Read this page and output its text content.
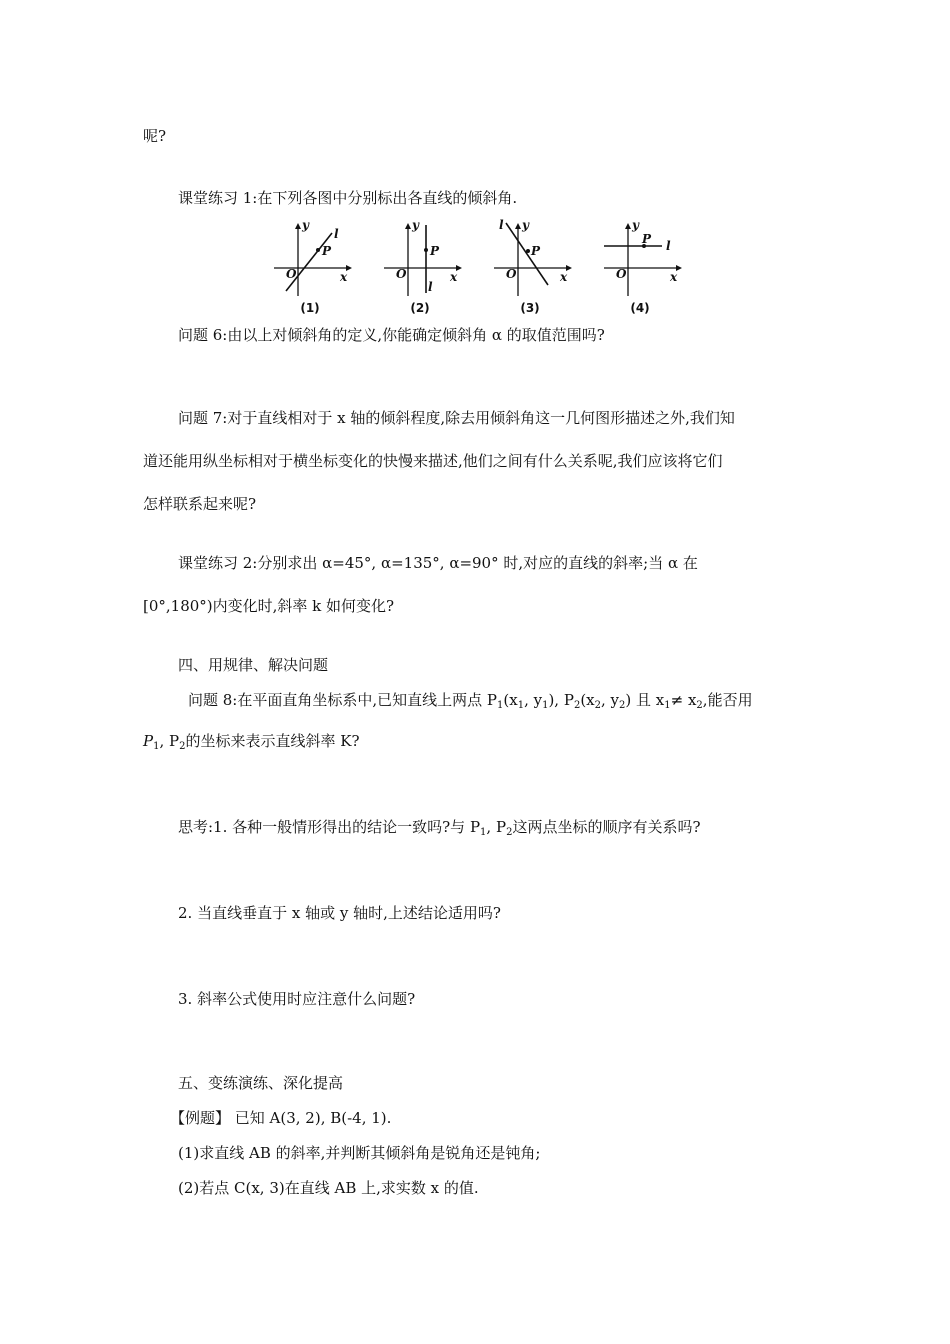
呢?
课堂练习 1:在下列各图中分别标出各直线的倾斜角.
y
x
O
P
l
(1)
y
x
O
P
l
(2)
y
x
O
P
l
(3)
y
x
O
P l
(4)
问题 6:由以上对倾斜角的定义,你能确定倾斜角 α 的取值范围吗?
问题 7:对于直线相对于 x 轴的倾斜程度,除去用倾斜角这一几何图形描述之外,我们知
道还能用纵坐标相对于横坐标变化的快慢来描述,他们之间有什么关系呢,我们应该将它们
怎样联系起来呢?
课堂练习 2:分别求出 α=45°, α=135°, α=90° 时,对应的直线的斜率;当 α 在
[0°,180°)内变化时,斜率 k 如何变化?
四、用规律、解决问题
问题 8:在平面直角坐标系中,已知直线上两点 $P_1(x_1$, $y_1$), $P_2(x_2$, $y_2$) 且 $x_1\ne x_2$,能否用
$P_1$, $P_2$的坐标来表示直线斜率 K?
思考:1. 各种一般情形得出的结论一致吗?与 $P_1$, $P_2$这两点坐标的顺序有关系吗?
2. 当直线垂直于 x 轴或 y 轴时,上述结论适用吗?
3. 斜率公式使用时应注意什么问题?
五、变练演练、深化提高
【例题】 已知 A(3, 2), B(-4, 1).
(1)求直线 AB 的斜率,并判断其倾斜角是锐角还是钝角;
(2)若点 C(x, 3)在直线 AB 上,求实数 x 的值.
